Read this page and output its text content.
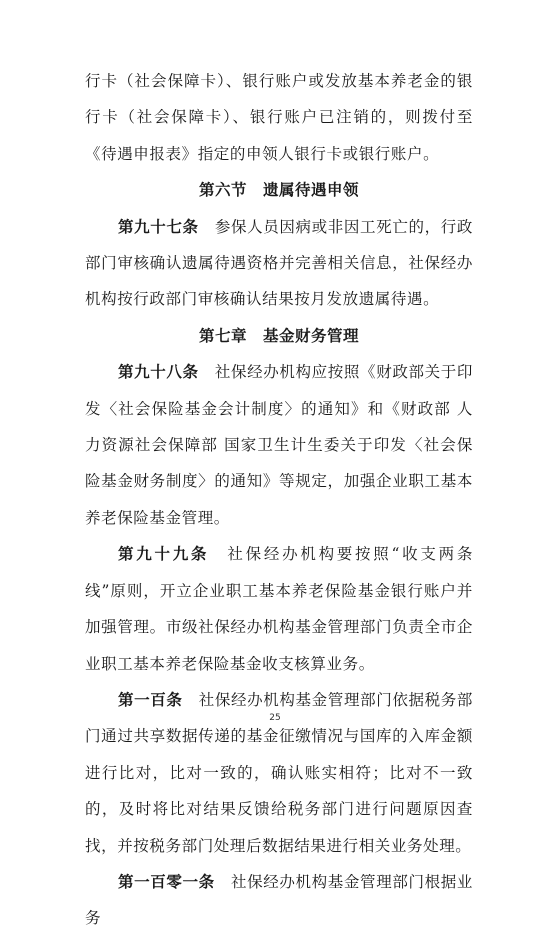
行卡（社会保障卡）、银行账户或发放基本养老金的银行卡（社会保障卡）、银行账户已注销的，则拨付至《待遇申报表》指定的申领人银行卡或银行账户。

第六节　遗属待遇申领

第九十七条　 参保人员因病或非因工死亡的，行政部门审核确认遗属待遇资格并完善相关信息，社保经办机构按行政部门审核确认结果按月发放遗属待遇。

第七章　基金财务管理

第九十八条　 社保经办机构应按照《财政部关于印发〈社会保险基金会计制度〉的通知》和《财政部 人力资源社会保障部 国家卫生计生委关于印发〈社会保险基金财务制度〉的通知》等规定，加强企业职工基本养老保险基金管理。

第九十九条　 社保经办机构要按照“收支两条线”原则，开立企业职工基本养老保险基金银行账户并加强管理。市级社保经办机构基金管理部门负责全市企业职工基本养老保险基金收支核算业务。

第一百条　 社保经办机构基金管理部门依据税务部门通过共享数据传递的基金征缴情况与国库的入库金额进行比对，比对一致的，确认账实相符；比对不一致的，及时将比对结果反馈给税务部门进行问题原因查找，并按税务部门处理后数据结果进行相关业务处理。

第一百零一条　 社保经办机构基金管理部门根据业务

25
